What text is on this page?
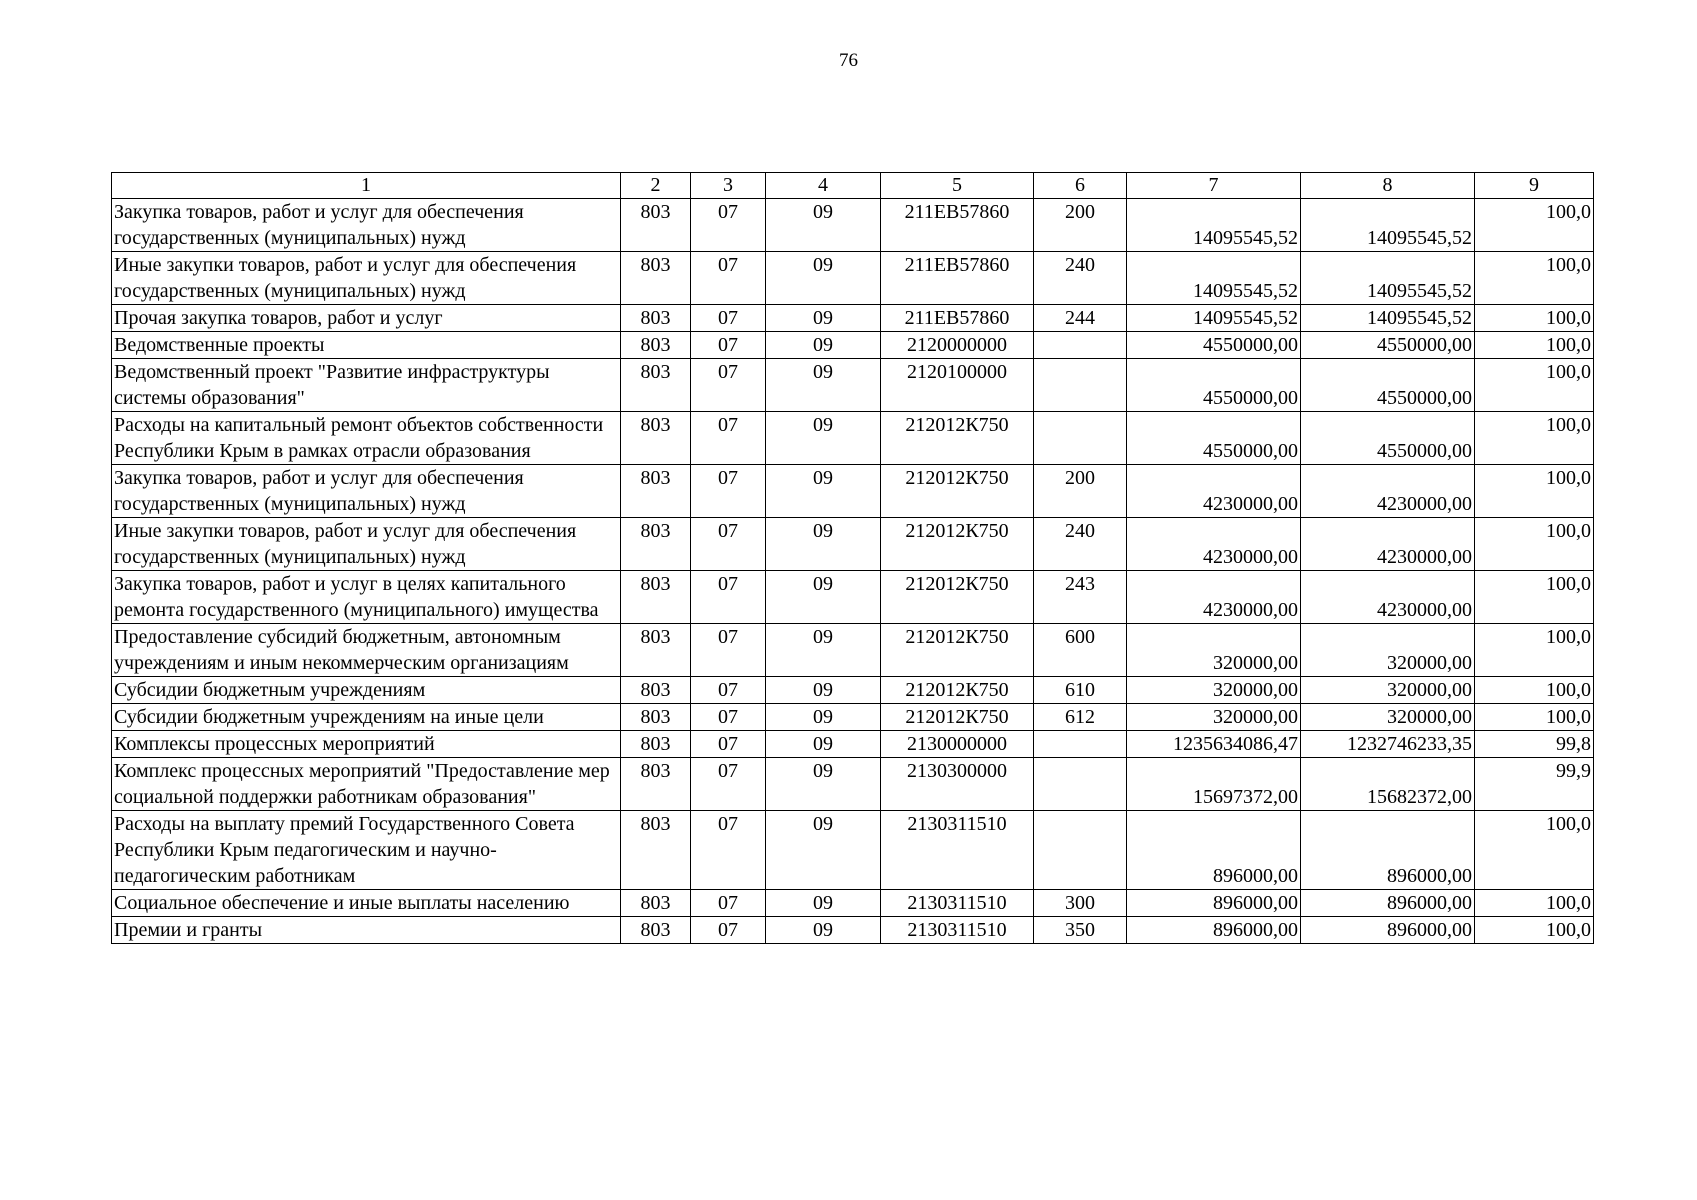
76
1	2	3	4	5	6	7	8	9
Закупка товаров, работ и услуг для обеспечения государственных (муниципальных) нужд	803	07	09	211EB57860	200	14095545,52	14095545,52	100,0
Иные закупки товаров, работ и услуг для обеспечения государственных (муниципальных) нужд	803	07	09	211EB57860	240	14095545,52	14095545,52	100,0
Прочая закупка товаров, работ и услуг	803	07	09	211EB57860	244	14095545,52	14095545,52	100,0
Ведомственные проекты	803	07	09	2120000000		4550000,00	4550000,00	100,0
Ведомственный проект "Развитие инфраструктуры системы образования"	803	07	09	2120100000		4550000,00	4550000,00	100,0
Расходы на капитальный ремонт объектов собственности Республики Крым в рамках отрасли образования	803	07	09	212012К750		4550000,00	4550000,00	100,0
Закупка товаров, работ и услуг для обеспечения государственных (муниципальных) нужд	803	07	09	212012К750	200	4230000,00	4230000,00	100,0
Иные закупки товаров, работ и услуг для обеспечения государственных (муниципальных) нужд	803	07	09	212012К750	240	4230000,00	4230000,00	100,0
Закупка товаров, работ и услуг в целях капитального ремонта государственного (муниципального) имущества	803	07	09	212012К750	243	4230000,00	4230000,00	100,0
Предоставление субсидий бюджетным, автономным учреждениям и иным некоммерческим организациям	803	07	09	212012К750	600	320000,00	320000,00	100,0
Субсидии бюджетным учреждениям	803	07	09	212012К750	610	320000,00	320000,00	100,0
Субсидии бюджетным учреждениям на иные цели	803	07	09	212012К750	612	320000,00	320000,00	100,0
Комплексы процессных мероприятий	803	07	09	2130000000		1235634086,47	1232746233,35	99,8
Комплекс процессных мероприятий "Предоставление мер социальной поддержки работникам образования"	803	07	09	2130300000		15697372,00	15682372,00	99,9
Расходы на выплату премий Государственного Совета Республики Крым педагогическим и научно-педагогическим работникам	803	07	09	2130311510		896000,00	896000,00	100,0
Социальное обеспечение и иные выплаты населению	803	07	09	2130311510	300	896000,00	896000,00	100,0
Премии и гранты	803	07	09	2130311510	350	896000,00	896000,00	100,0
